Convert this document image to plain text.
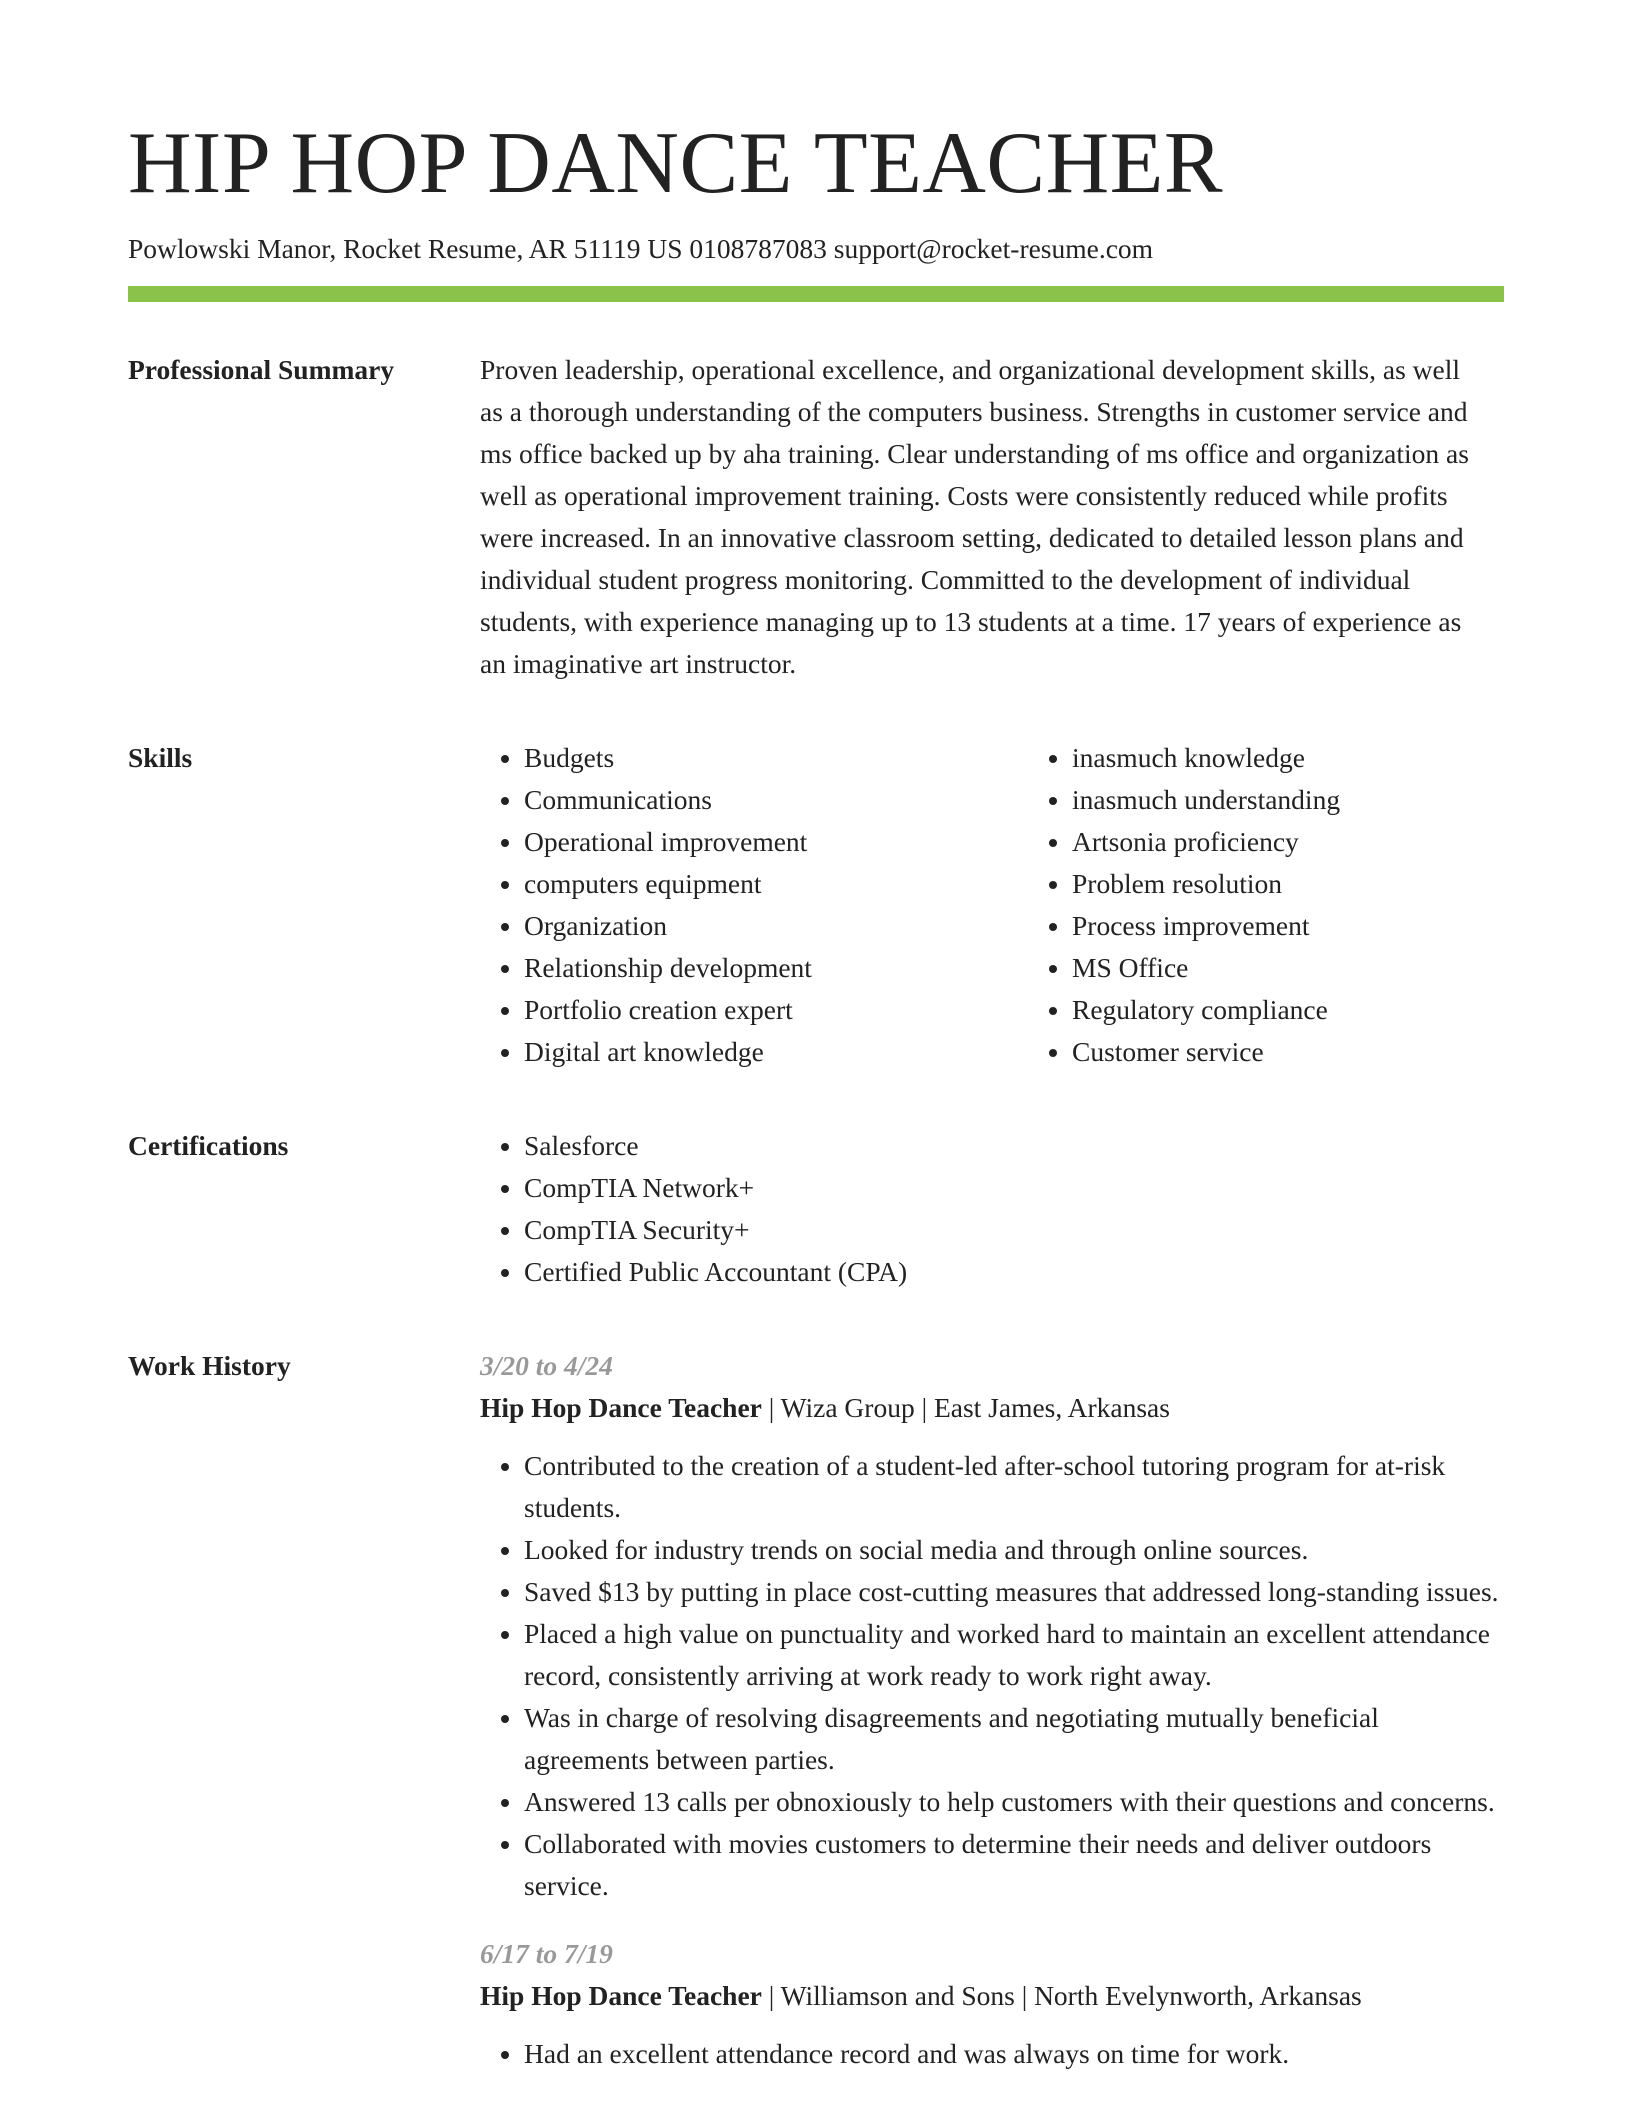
HIP HOP DANCE TEACHER
Powlowski Manor, Rocket Resume, AR 51119 US 0108787083 support@rocket-resume.com
Professional Summary	Proven leadership, operational excellence, and organizational development skills, as well as a thorough understanding of the computers business. Strengths in customer service and ms office backed up by aha training. Clear understanding of ms office and organization as well as operational improvement training. Costs were consistently reduced while profits were increased. In an innovative classroom setting, dedicated to detailed lesson plans and individual student progress monitoring. Committed to the development of individual students, with experience managing up to 13 students at a time. 17 years of experience as an imaginative art instructor.

Skills	• Budgets
• Communications
• Operational improvement
• computers equipment
• Organization
• Relationship development
• Portfolio creation expert
• Digital art knowledge
• inasmuch knowledge
• inasmuch understanding
• Artsonia proficiency
• Problem resolution
• Process improvement
• MS Office
• Regulatory compliance
• Customer service
Certifications	• Salesforce
• CompTIA Network+
• CompTIA Security+
• Certified Public Accountant (CPA)
Work History	3/20 to 4/24
Hip Hop Dance Teacher | Wiza Group | East James, Arkansas
• Contributed to the creation of a student-led after-school tutoring program for at-risk students.
• Looked for industry trends on social media and through online sources.
• Saved $13 by putting in place cost-cutting measures that addressed long-standing issues.
• Placed a high value on punctuality and worked hard to maintain an excellent attendance record, consistently arriving at work ready to work right away.
• Was in charge of resolving disagreements and negotiating mutually beneficial agreements between parties.
• Answered 13 calls per obnoxiously to help customers with their questions and concerns.
• Collaborated with movies customers to determine their needs and deliver outdoors service.
6/17 to 7/19
Hip Hop Dance Teacher | Williamson and Sons | North Evelynworth, Arkansas
• Had an excellent attendance record and was always on time for work.
